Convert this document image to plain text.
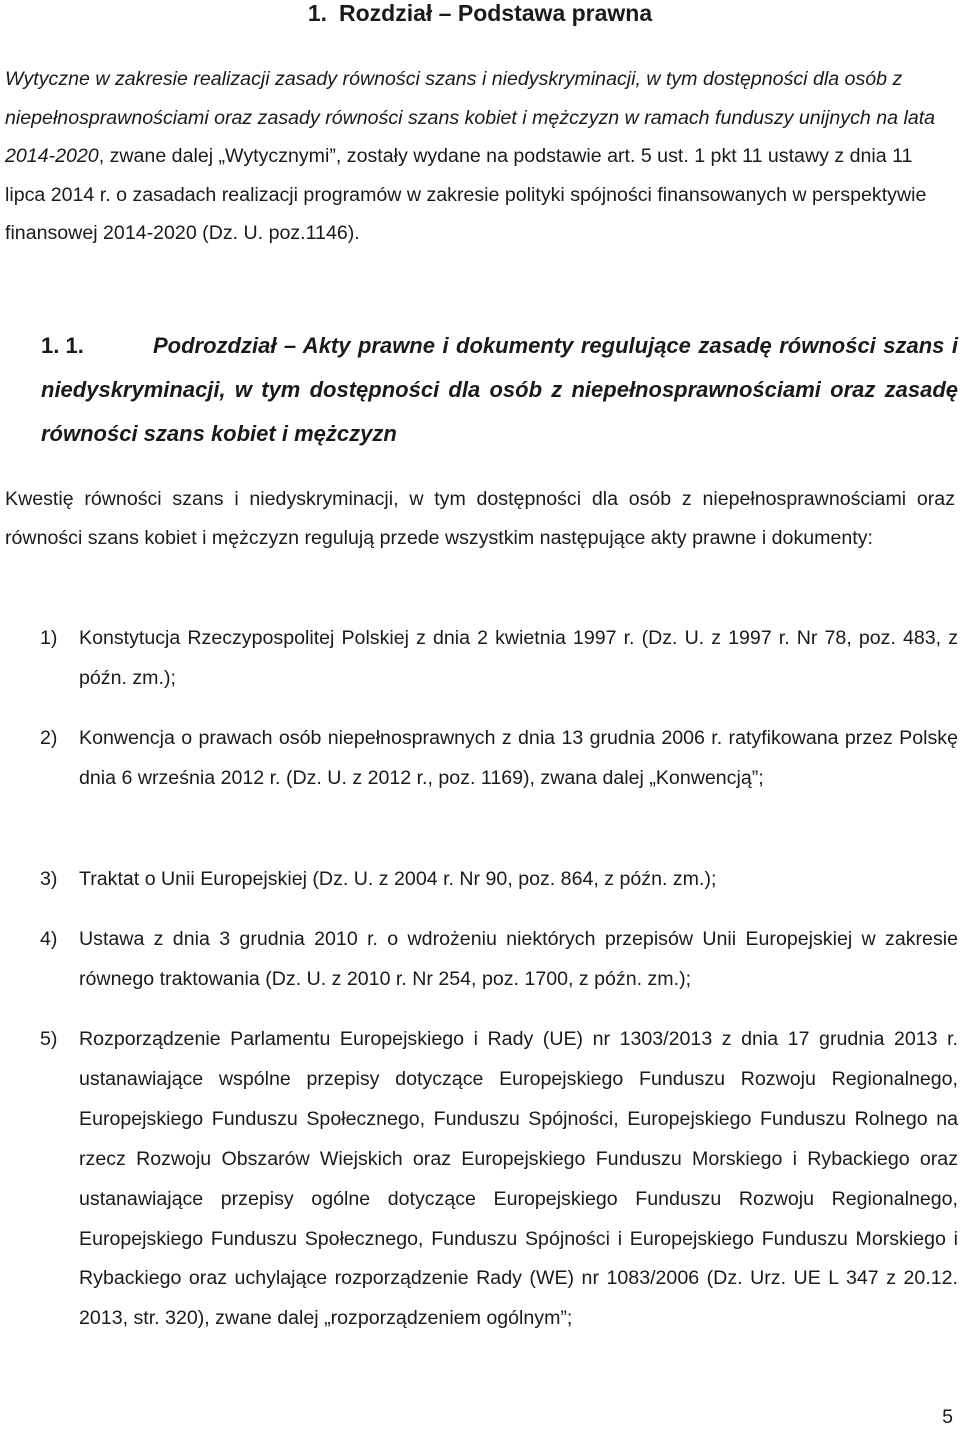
1. Rozdział – Podstawa prawna

Wytyczne w zakresie realizacji zasady równości szans i niedyskryminacji, w tym dostępności dla osób z niepełnosprawnościami oraz zasady równości szans kobiet i mężczyzn w ramach funduszy unijnych na lata 2014-2020, zwane dalej „Wytycznymi”, zostały wydane na podstawie art. 5 ust. 1 pkt 11 ustawy z dnia 11 lipca 2014 r. o zasadach realizacji programów w zakresie polityki spójności finansowanych w perspektywie finansowej 2014-2020 (Dz. U. poz.1146).

1. 1.	Podrozdział – Akty prawne i dokumenty regulujące zasadę równości szans i niedyskryminacji, w tym dostępności dla osób z niepełnosprawnościami oraz zasadę równości szans kobiet i mężczyzn

Kwestię równości szans i niedyskryminacji, w tym dostępności dla osób z niepełnosprawnościami oraz równości szans kobiet i mężczyzn regulują przede wszystkim następujące akty prawne i dokumenty:

1) Konstytucja Rzeczypospolitej Polskiej z dnia 2 kwietnia 1997 r. (Dz. U. z 1997 r. Nr 78, poz. 483, z późn. zm.);
2) Konwencja o prawach osób niepełnosprawnych z dnia 13 grudnia 2006 r. ratyfikowana przez Polskę dnia 6 września 2012 r. (Dz. U. z 2012 r., poz. 1169), zwana dalej „Konwencją”;
3) Traktat o Unii Europejskiej (Dz. U. z 2004 r. Nr 90, poz. 864, z późn. zm.);
4) Ustawa z dnia 3 grudnia 2010 r. o wdrożeniu niektórych przepisów Unii Europejskiej w zakresie równego traktowania (Dz. U. z 2010 r. Nr 254, poz. 1700, z późn. zm.);
5) Rozporządzenie Parlamentu Europejskiego i Rady (UE) nr 1303/2013 z dnia 17 grudnia 2013 r. ustanawiające wspólne przepisy dotyczące Europejskiego Funduszu Rozwoju Regionalnego, Europejskiego Funduszu Społecznego, Funduszu Spójności, Europejskiego Funduszu Rolnego na rzecz Rozwoju Obszarów Wiejskich oraz Europejskiego Funduszu Morskiego i Rybackiego oraz ustanawiające przepisy ogólne dotyczące Europejskiego Funduszu Rozwoju Regionalnego, Europejskiego Funduszu Społecznego, Funduszu Spójności i Europejskiego Funduszu Morskiego i Rybackiego oraz uchylające rozporządzenie Rady (WE) nr 1083/2006 (Dz. Urz. UE L 347 z 20.12. 2013, str. 320), zwane dalej „rozporządzeniem ogólnym”;
5
